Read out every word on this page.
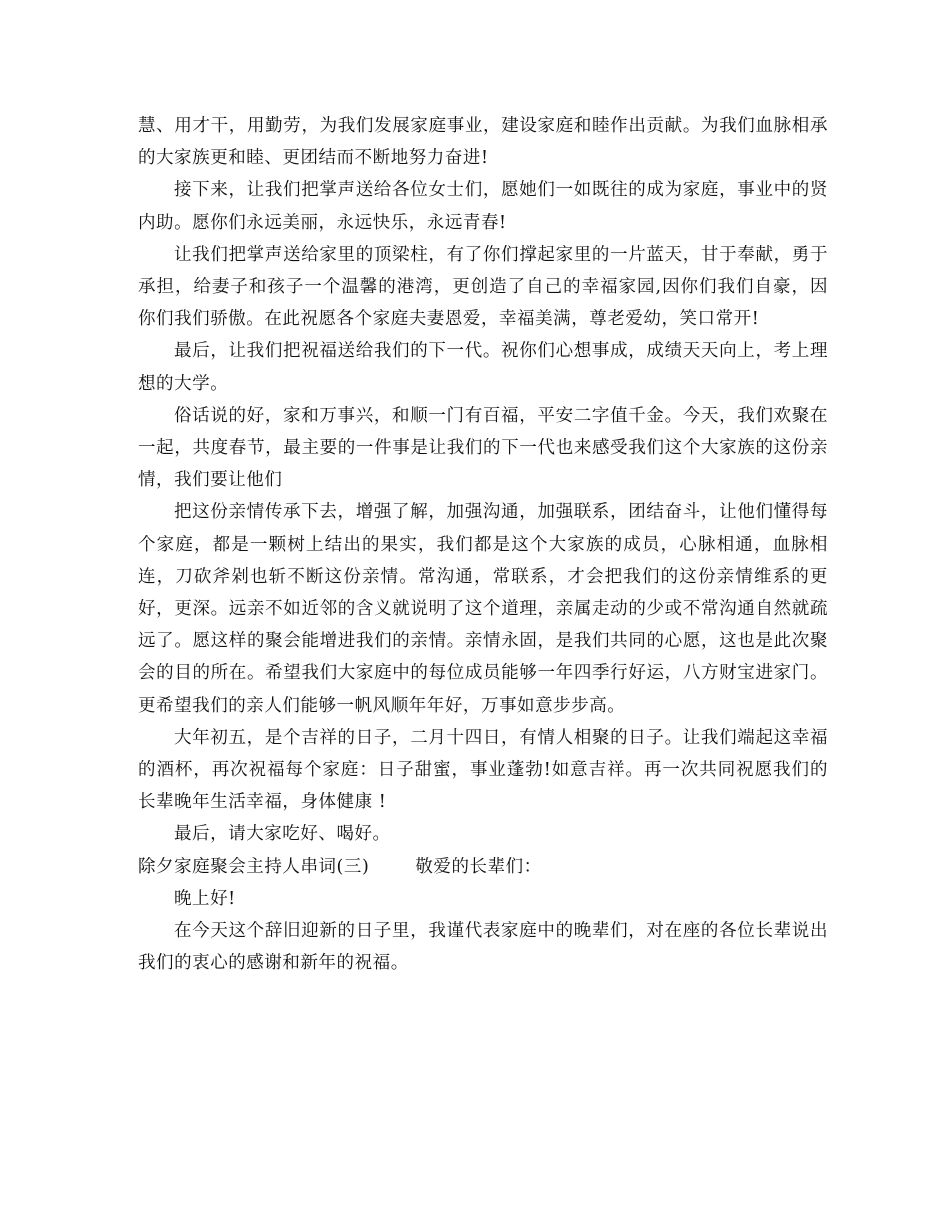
慧、用才干，用勤劳，为我们发展家庭事业，建设家庭和睦作出贡献。为我们血脉相承的大家族更和睦、更团结而不断地努力奋进!

接下来，让我们把掌声送给各位女士们，愿她们一如既往的成为家庭，事业中的贤内助。愿你们永远美丽，永远快乐，永远青春!

让我们把掌声送给家里的顶梁柱，有了你们撑起家里的一片蓝天，甘于奉献，勇于承担，给妻子和孩子一个温馨的港湾，更创造了自己的幸福家园,因你们我们自豪，因你们我们骄傲。在此祝愿各个家庭夫妻恩爱，幸福美满，尊老爱幼，笑口常开!

最后，让我们把祝福送给我们的下一代。祝你们心想事成，成绩天天向上，考上理想的大学。

俗话说的好，家和万事兴，和顺一门有百福，平安二字值千金。今天，我们欢聚在一起，共度春节，最主要的一件事是让我们的下一代也来感受我们这个大家族的这份亲情，我们要让他们

把这份亲情传承下去，增强了解，加强沟通，加强联系，团结奋斗，让他们懂得每个家庭，都是一颗树上结出的果实，我们都是这个大家族的成员，心脉相通，血脉相连，刀砍斧剁也斩不断这份亲情。常沟通，常联系，才会把我们的这份亲情维系的更好，更深。远亲不如近邻的含义就说明了这个道理，亲属走动的少或不常沟通自然就疏远了。愿这样的聚会能增进我们的亲情。亲情永固，是我们共同的心愿，这也是此次聚会的目的所在。希望我们大家庭中的每位成员能够一年四季行好运，八方财宝进家门。更希望我们的亲人们能够一帆风顺年年好，万事如意步步高。

大年初五，是个吉祥的日子，二月十四日，有情人相聚的日子。让我们端起这幸福的酒杯，再次祝福每个家庭：日子甜蜜，事业蓬勃!如意吉祥。再一次共同祝愿我们的长辈晚年生活幸福，身体健康 !

最后，请大家吃好、喝好。

除夕家庭聚会主持人串词(三)	敬爱的长辈们：

晚上好!

在今天这个辞旧迎新的日子里，我谨代表家庭中的晚辈们，对在座的各位长辈说出我们的衷心的感谢和新年的祝福。
